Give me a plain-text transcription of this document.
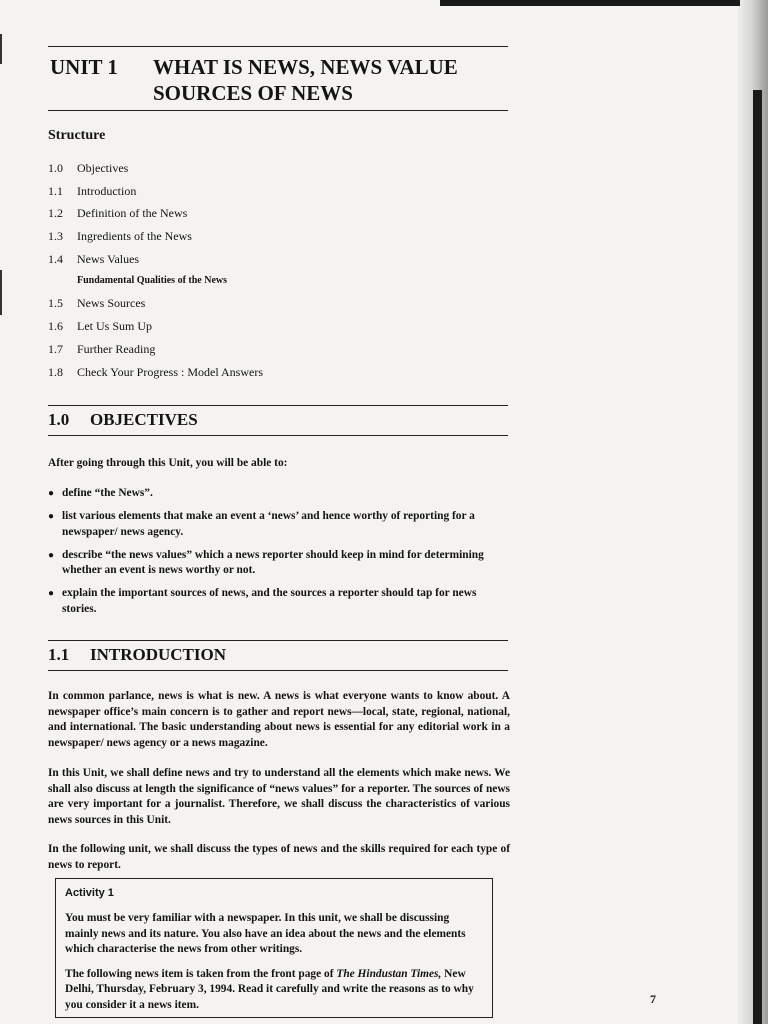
UNIT 1 WHAT IS NEWS, NEWS VALUE
SOURCES OF NEWS
Structure
1.0 Objectives
1.1 Introduction
1.2 Definition of the News
1.3 Ingredients of the News
1.4 News Values
Fundamental Qualities of the News
1.5 News Sources
1.6 Let Us Sum Up
1.7 Further Reading
1.8 Check Your Progress : Model Answers
1.0 OBJECTIVES
After going through this Unit, you will be able to:
● define “the News”.
● list various elements that make an event a ‘news’ and hence worthy of reporting for a newspaper/ news agency.
● describe “the news values” which a news reporter should keep in mind for determining whether an event is news worthy or not.
● explain the important sources of news, and the sources a reporter should tap for news stories.
1.1 INTRODUCTION
In common parlance, news is what is new. A news is what everyone wants to know about. A newspaper office’s main concern is to gather and report news—local, state, regional, national, and international. The basic understanding about news is essential for any editorial work in a newspaper/ news agency or a news magazine.
In this Unit, we shall define news and try to understand all the elements which make news. We shall also discuss at length the significance of “news values” for a reporter. The sources of news are very important for a journalist. Therefore, we shall discuss the characteristics of various news sources in this Unit.
In the following unit, we shall discuss the types of news and the skills required for each type of news to report.
Activity 1
You must be very familiar with a newspaper. In this unit, we shall be discussing mainly news and its nature. You also have an idea about the news and the elements which characterise the news from other writings.
The following news item is taken from the front page of The Hindustan Times, New Delhi, Thursday, February 3, 1994. Read it carefully and write the reasons as to why you consider it a news item.	7
